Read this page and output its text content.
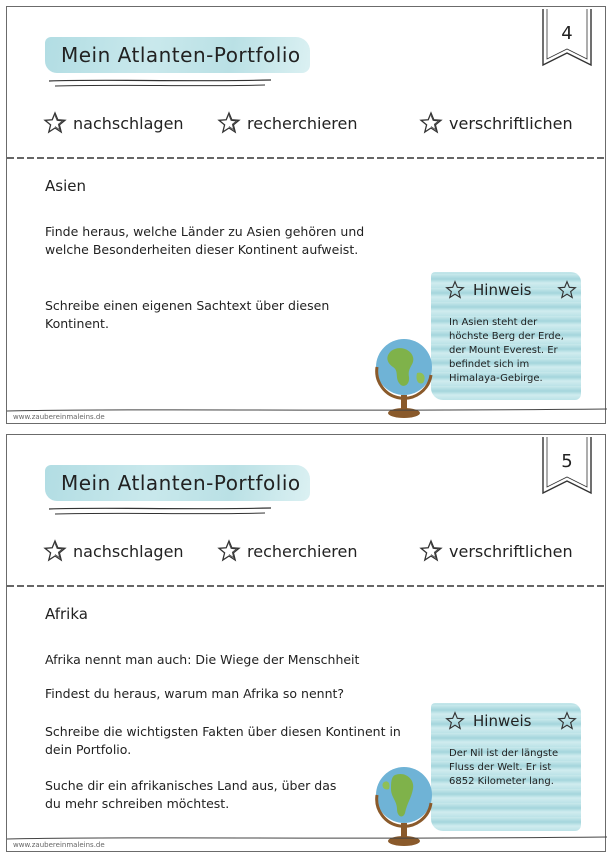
Mein Atlanten-Portfolio
4
nachschlagen	recherchieren	verschriftlichen
Asien
Finde heraus, welche Länder zu Asien gehören und welche Besonderheiten dieser Kontinent aufweist.
Schreibe einen eigenen Sachtext über diesen Kontinent.
Hinweis
In Asien steht der höchste Berg der Erde, der Mount Everest. Er befindet sich im Himalaya-Gebirge.
www.zaubereinmaleins.de
Mein Atlanten-Portfolio
5
nachschlagen	recherchieren	verschriftlichen
Afrika
Afrika nennt man auch: Die Wiege der Menschheit
Findest du heraus, warum man Afrika so nennt?
Schreibe die wichtigsten Fakten über diesen Kontinent in dein Portfolio.
Suche dir ein afrikanisches Land aus, über das du mehr schreiben möchtest.
Hinweis
Der Nil ist der längste Fluss der Welt. Er ist 6852 Kilometer lang.
www.zaubereinmaleins.de
